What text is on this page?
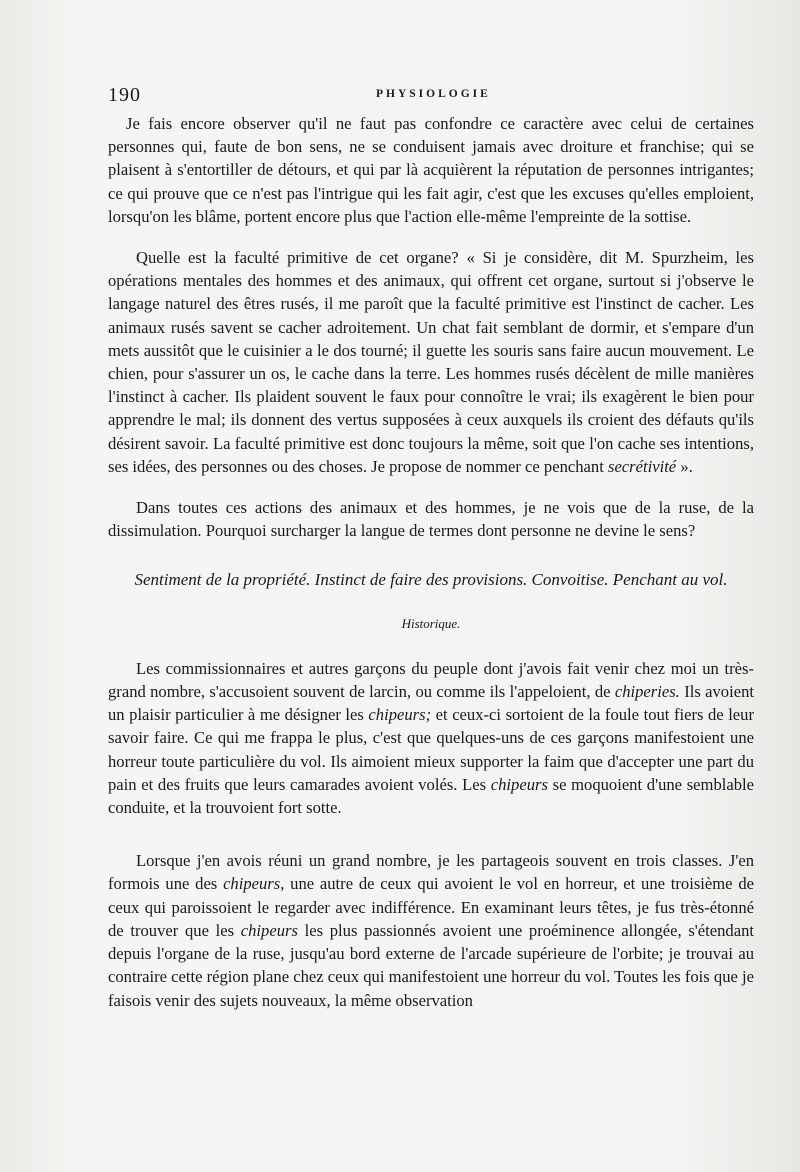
190	PHYSIOLOGIE

Je fais encore observer qu'il ne faut pas confondre ce caractère avec celui de certaines personnes qui, faute de bon sens, ne se conduisent jamais avec droiture et franchise; qui se plaisent à s'entortiller de détours, et qui par là acquièrent la réputation de personnes intrigantes; ce qui prouve que ce n'est pas l'intrigue qui les fait agir, c'est que les excuses qu'elles emploient, lorsqu'on les blâme, portent encore plus que l'action elle-même l'empreinte de la sottise.

Quelle est la faculté primitive de cet organe? « Si je considère, dit M. Spurzheim, les opérations mentales des hommes et des animaux, qui offrent cet organe, surtout si j'observe le langage naturel des êtres rusés, il me paroît que la faculté primitive est l'instinct de cacher. Les animaux rusés savent se cacher adroitement. Un chat fait semblant de dormir, et s'empare d'un mets aussitôt que le cuisinier a le dos tourné; il guette les souris sans faire aucun mouvement. Le chien, pour s'assurer un os, le cache dans la terre. Les hommes rusés décèlent de mille manières l'instinct à cacher. Ils plaident souvent le faux pour connoître le vrai; ils exagèrent le bien pour apprendre le mal; ils donnent des vertus supposées à ceux auxquels ils croient des défauts qu'ils désirent savoir. La faculté primitive est donc toujours la même, soit que l'on cache ses intentions, ses idées, des personnes ou des choses. Je propose de nommer ce penchant secrétivité ».

Dans toutes ces actions des animaux et des hommes, je ne vois que de la ruse, de la dissimulation. Pourquoi surcharger la langue de termes dont personne ne devine le sens?

Sentiment de la propriété. Instinct de faire des provisions. Convoitise. Penchant au vol.
Historique.

Les commissionnaires et autres garçons du peuple dont j'avois fait venir chez moi un très-grand nombre, s'accusoient souvent de larcin, ou comme ils l'appeloient, de chiperies. Ils avoient un plaisir particulier à me désigner les chipeurs; et ceux-ci sortoient de la foule tout fiers de leur savoir faire. Ce qui me frappa le plus, c'est que quelques-uns de ces garçons manifestoient une horreur toute particulière du vol. Ils aimoient mieux supporter la faim que d'accepter une part du pain et des fruits que leurs camarades avoient volés. Les chipeurs se moquoient d'une semblable conduite, et la trouvoient fort sotte.

Lorsque j'en avois réuni un grand nombre, je les partageois souvent en trois classes. J'en formois une des chipeurs, une autre de ceux qui avoient le vol en horreur, et une troisième de ceux qui paroissoient le regarder avec indifférence. En examinant leurs têtes, je fus très-étonné de trouver que les chipeurs les plus passionnés avoient une proéminence allongée, s'étendant depuis l'organe de la ruse, jusqu'au bord externe de l'arcade supérieure de l'orbite; je trouvai au contraire cette région plane chez ceux qui manifestoient une horreur du vol. Toutes les fois que je faisois venir des sujets nouveaux, la même observation
